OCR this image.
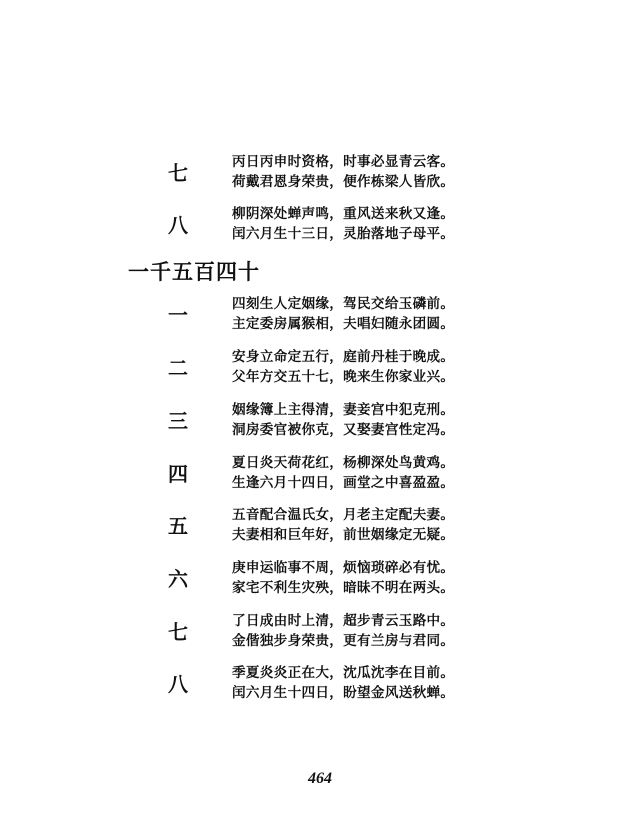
七	丙日丙申时资格，时事必显青云客。
荷戴君恩身荣贵，便作栋梁人皆欣。
八	柳阴深处蝉声鸣，重风送来秋又逢。
闰六月生十三日，灵胎落地子母平。
一千五百四十
一	四刻生人定姻缘，驾民交给玉磷前。
主定委房属猴相，夫唱妇随永团圆。
二	安身立命定五行，庭前丹桂于晚成。
父年方交五十七，晚来生你家业兴。
三	姻缘簿上主得清，妻妾宫中犯克刑。
洞房委官被你克，又娶妻宫性定冯。
四	夏日炎天荷花红，杨柳深处鸟黄鸡。
生逢六月十四日，画堂之中喜盈盈。
五	五音配合温氏女，月老主定配夫妻。
夫妻相和巨年好，前世姻缘定无疑。
六	庚申运临事不周，烦恼琐碎必有忧。
家宅不利生灾殃，暗昧不明在两头。
七	了日成由时上清，超步青云玉路中。
金偕独步身荣贵，更有兰房与君同。
八	季夏炎炎正在大，沈瓜沈李在目前。
闰六月生十四日，盼望金风送秋蝉。
464
